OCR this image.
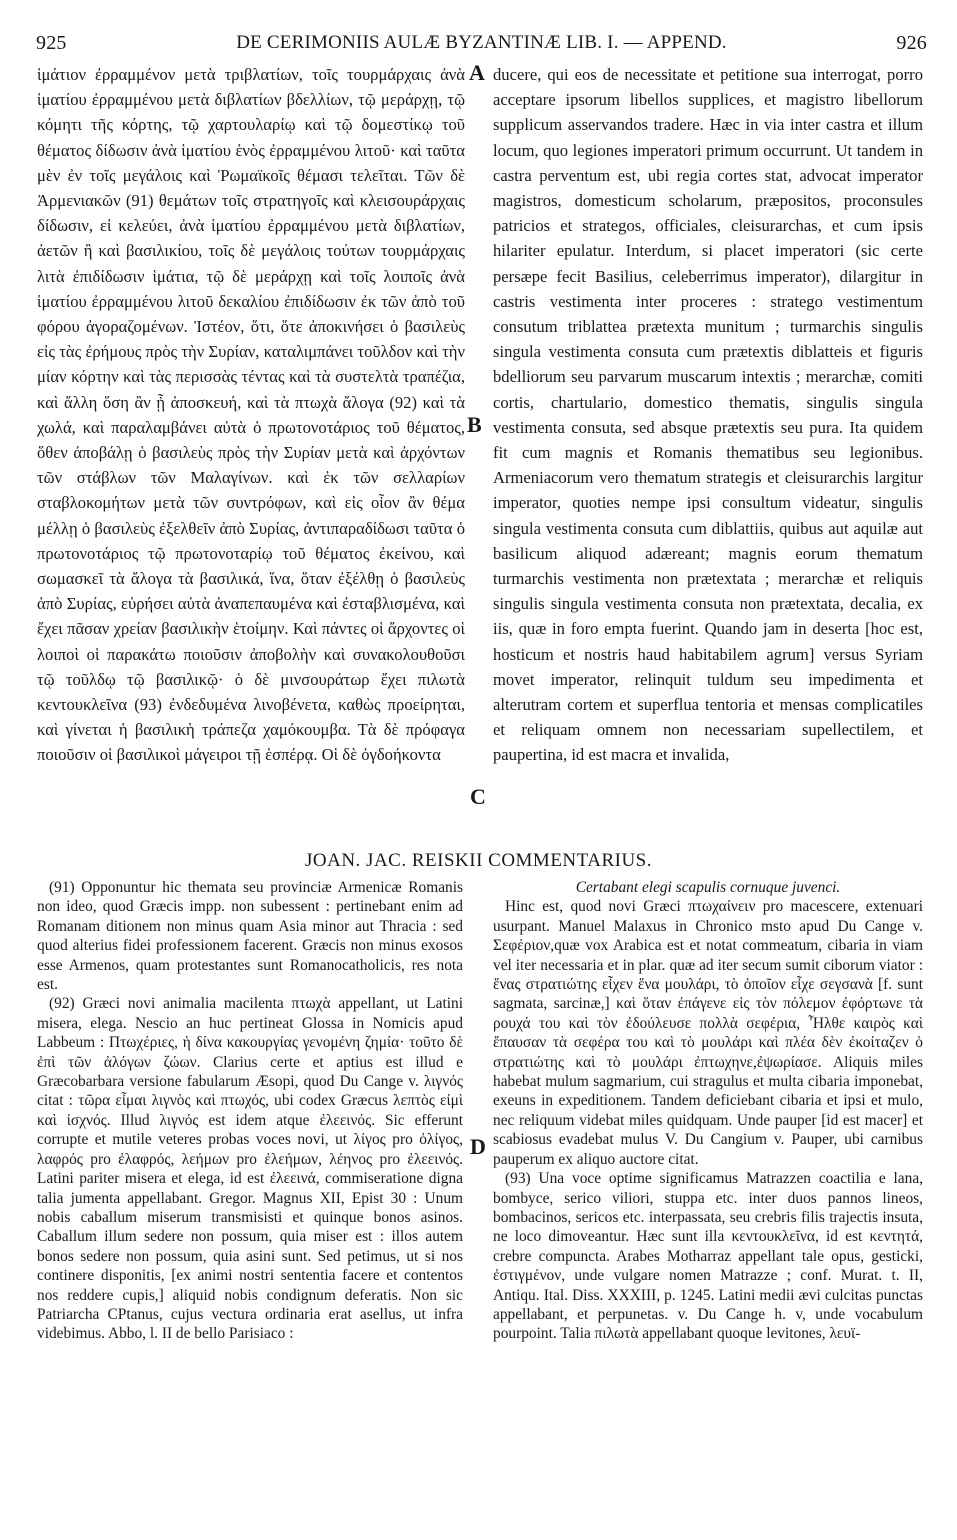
925	DE CERIMONIIS AULÆ BYZANTINÆ LIB. I. — APPEND.	926

ἱμάτιον ἐρραμμένον μετὰ τριβλατίων, τοῖς τουρμάρχαις ἀνὰ ἱματίου ἐρραμμένου μετὰ διβλατίων βδελλίων, τῷ μεράρχῃ, τῷ κόμητι τῆς κόρτης, τῷ χαρτουλαρίῳ καὶ τῷ δομεστίκῳ τοῦ θέματος δίδωσιν ἀνὰ ἱματίου ἑνὸς ἐρραμμένου λιτοῦ· καὶ ταῦτα μὲν ἐν τοῖς μεγάλοις καὶ Ῥωμαϊκοῖς θέμασι τελεῖται. Τῶν δὲ Ἀρμενιακῶν (91) θεμάτων τοῖς στρατηγοῖς καὶ κλεισουράρχαις δίδωσιν, εἰ κελεύει, ἀνὰ ἱματίου ἐρραμμένου μετὰ διβλατίων, ἀετῶν ἢ καὶ βασιλικίου, τοῖς δὲ μεγάλοις τούτων τουρμάρχαις λιτὰ ἐπιδίδωσιν ἱμάτια, τῷ δὲ μεράρχῃ καὶ τοῖς λοιποῖς ἀνὰ ἱματίου ἐρραμμένου λιτοῦ δεκαλίου ἐπιδίδωσιν ἐκ τῶν ἀπὸ τοῦ φόρου ἀγοραζομένων. Ἰστέον, ὅτι, ὅτε ἀποκινήσει ὁ βασιλεὺς εἰς τὰς ἐρήμους πρὸς τὴν Συρίαν, καταλιμπάνει τοῦλδον καὶ τὴν μίαν κόρτην καὶ τὰς περισσὰς τέντας καὶ τὰ συστελτὰ τραπέζια, καὶ ἄλλη ὅση ἂν ᾖ ἀποσκευή, καὶ τὰ πτωχὰ ἄλογα (92) καὶ τὰ χωλά, καὶ παραλαμβάνει αὐτὰ ὁ πρωτονοτάριος τοῦ θέματος, ὅθεν ἀποβάλῃ ὁ βασιλεὺς πρὸς τὴν Συρίαν μετὰ καὶ ἀρχόντων τῶν στάβλων τῶν Μαλαγίνων. καὶ ἐκ τῶν σελλαρίων σταβλοκομήτων μετὰ τῶν συντρόφων, καὶ εἰς οἷον ἂν θέμα μέλλῃ ὁ βασιλεὺς ἐξελθεῖν ἀπὸ Συρίας, ἀντιπαραδίδωσι ταῦτα ὁ πρωτονοτάριος τῷ πρωτονοταρίῳ τοῦ θέματος ἐκείνου, καὶ σωμασκεῖ τὰ ἄλογα τὰ βασιλικά, ἵνα, ὅταν ἐξέλθῃ ὁ βασιλεὺς ἀπὸ Συρίας, εὑρήσει αὐτὰ ἀναπεπαυμένα καὶ ἐσταβλισμένα, καὶ ἔχει πᾶσαν χρείαν βασιλικὴν ἑτοίμην. Καὶ πάντες οἱ ἄρχοντες οἱ λοιποὶ οἱ παρακάτω ποιοῦσιν ἀποβολὴν καὶ συνακολουθοῦσι τῷ τοῦλδῳ τῷ βασιλικῷ· ὁ δὲ μινσουράτωρ ἔχει πιλωτὰ κεντουκλεῖνα (93) ἐνδεδυμένα λινοβένετα, καθὼς προείρηται, καὶ γίνεται ἡ βασιλικὴ τράπεζα χαμόκουμβα. Τὰ δὲ πρόφαγα ποιοῦσιν οἱ βασιλικοὶ μάγειροι τῇ ἑσπέρᾳ. Οἱ δὲ ὀγδοήκοντα

A
B
C
D

ducere, qui eos de necessitate et petitione sua interrogat, porro acceptare ipsorum libellos supplices, et magistro libellorum supplicum asservandos tradere. Hæc in via inter castra et illum locum, quo legiones imperatori primum occurrunt. Ut tandem in castra perventum est, ubi regia cortes stat, advocat imperator magistros, domesticum scholarum, præpositos, proconsules patricios et strategos, officiales, cleisurarchas, et cum ipsis hilariter epulatur. Interdum, si placet imperatori (sic certe persæpe fecit Basilius, celeberrimus imperator), dilargitur in castris vestimenta inter proceres : stratego vestimentum consutum triblattea prætexta munitum ; turmarchis singulis singula vestimenta consuta cum prætextis diblatteis et figuris bdelliorum seu parvarum muscarum intextis ; merarchæ, comiti cortis, chartulario, domestico thematis, singulis singula vestimenta consuta, sed absque prætextis seu pura. Ita quidem fit cum magnis et Romanis thematibus seu legionibus. Armeniacorum vero thematum strategis et cleisurarchis largitur imperator, quoties nempe ipsi consultum videatur, singulis singula vestimenta consuta cum diblattiis, quibus aut aquilæ aut basilicum aliquod adæreant; magnis eorum thematum turmarchis vestimenta non prætextata ; merarchæ et reliquis singulis singula vestimenta consuta non prætextata, decalia, ex iis, quæ in foro empta fuerint. Quando jam in deserta [hoc est, hosticum et nostris haud habitabilem agrum] versus Syriam movet imperator, relinquit tuldum seu impedimenta et alterutram cortem et superflua tentoria et mensas complicatiles et reliquam omnem non necessariam supellectilem, et paupertina, id est macra et invalida,

JOAN. JAC. REISKII COMMENTARIUS.

(91) Opponuntur hic themata seu provinciæ Armenicæ Romanis non ideo, quod Græcis impp. non subessent : pertinebant enim ad Romanam ditionem non minus quam Asia minor aut Thracia : sed quod alterius fidei professionem facerent. Græcis non minus exosos esse Armenos, quam protestantes sunt Romanocatholicis, res nota est.

(92) Græci novi animalia macilenta πτωχὰ appellant, ut Latini misera, elega. Nescio an huc pertineat Glossa in Nomicis apud Labbeum : Πτωχέριες, ἡ δίνα κακουργίας γενομένη ζημία· τοῦτο δὲ ἐπὶ τῶν ἀλόγων ζώων. Clarius certe et aptius est illud e Græcobarbara versione fabularum Æsopi, quod Du Cange v. λιγνός citat : τῶρα εἶμαι λιγνὸς καὶ πτωχός, ubi codex Græcus λεπτὸς εἰμὶ καὶ ἰσχνός. Illud λιγνός est idem atque ἐλεεινός. Sic efferunt corrupte et mutile veteres probas voces novi, ut λίγος pro ὀλίγος, λαφρός pro ἐλαφρός, λεήμων pro ἐλεήμων, λέηνος pro ἐλεεινός. Latini pariter misera et elega, id est ἐλεεινά, commiseratione digna talia jumenta appellabant. Gregor. Magnus XII, Epist 30 : Unum nobis caballum miserum transmisisti et quinque bonos asinos. Caballum illum sedere non possum, quia miser est : illos autem bonos sedere non possum, quia asini sunt. Sed petimus, ut si nos continere disponitis, [ex animi nostri sententia facere et contentos nos reddere cupis,] aliquid nobis condignum deferatis. Non sic Patriarcha CPtanus, cujus vectura ordinaria erat asellus, ut infra videbimus. Abbo, l. II de bello Parisiaco :

Certabant elegi scapulis cornuque juvenci.

Hinc est, quod novi Græci πτωχαίνειν pro macescere, extenuari usurpant. Manuel Malaxus in Chronico msto apud Du Cange v. Σεφέριον,quæ vox Arabica est et notat commeatum, cibaria in viam vel iter necessaria et in plar. quæ ad iter secum sumit ciborum viator : ἕνας στρατιώτης εἶχεν ἕνα μουλάρι, τὸ ὁποῖον εἶχε σεγσανὰ [f. sunt sagmata, sarcinæ,] καὶ ὅταν ἐπάγενε εἰς τὸν πόλεμον ἐφόρτωνε τὰ ρουχά του καὶ τὸν ἐδούλευσε πολλὰ σεφέρια, Ἦλθε καιρὸς καὶ ἔπαυσαν τὰ σεφέρα του καὶ τὸ μουλάρι καὶ πλέα δὲν ἐκοίταζεν ὁ στρατιώτης καὶ τὸ μουλάρι ἐπτωχηνε,ἐψωρίασε. Aliquis miles habebat mulum sagmarium, cui stragulus et multa cibaria imponebat, exeuns in expeditionem. Tandem deficiebant cibaria et ipsi et mulo, nec reliquum videbat miles quidquam. Unde pauper [id est macer] et scabiosus evadebat mulus V. Du Cangium v. Pauper, ubi carnibus pauperum ex aliquo auctore citat.

(93) Una voce optime significamus Matrazzen coactilia e lana, bombyce, serico viliori, stuppa etc. inter duos pannos lineos, bombacinos, sericos etc. interpassata, seu crebris filis trajectis insuta, ne loco dimoveantur. Hæc sunt illa κεντουκλεῖνα, id est κεντητά, crebre compuncta. Arabes Motharraz appellant tale opus, gesticki, ἐστιγμένον, unde vulgare nomen Matrazze ; conf. Murat. t. II, Antiqu. Ital. Diss. XXXIII, p. 1245. Latini medii ævi culcitas punctas appellabant, et perpunetas. v. Du Cange h. v, unde vocabulum pourpoint. Talia πιλωτὰ appellabant quoque levitones, λευϊ-
